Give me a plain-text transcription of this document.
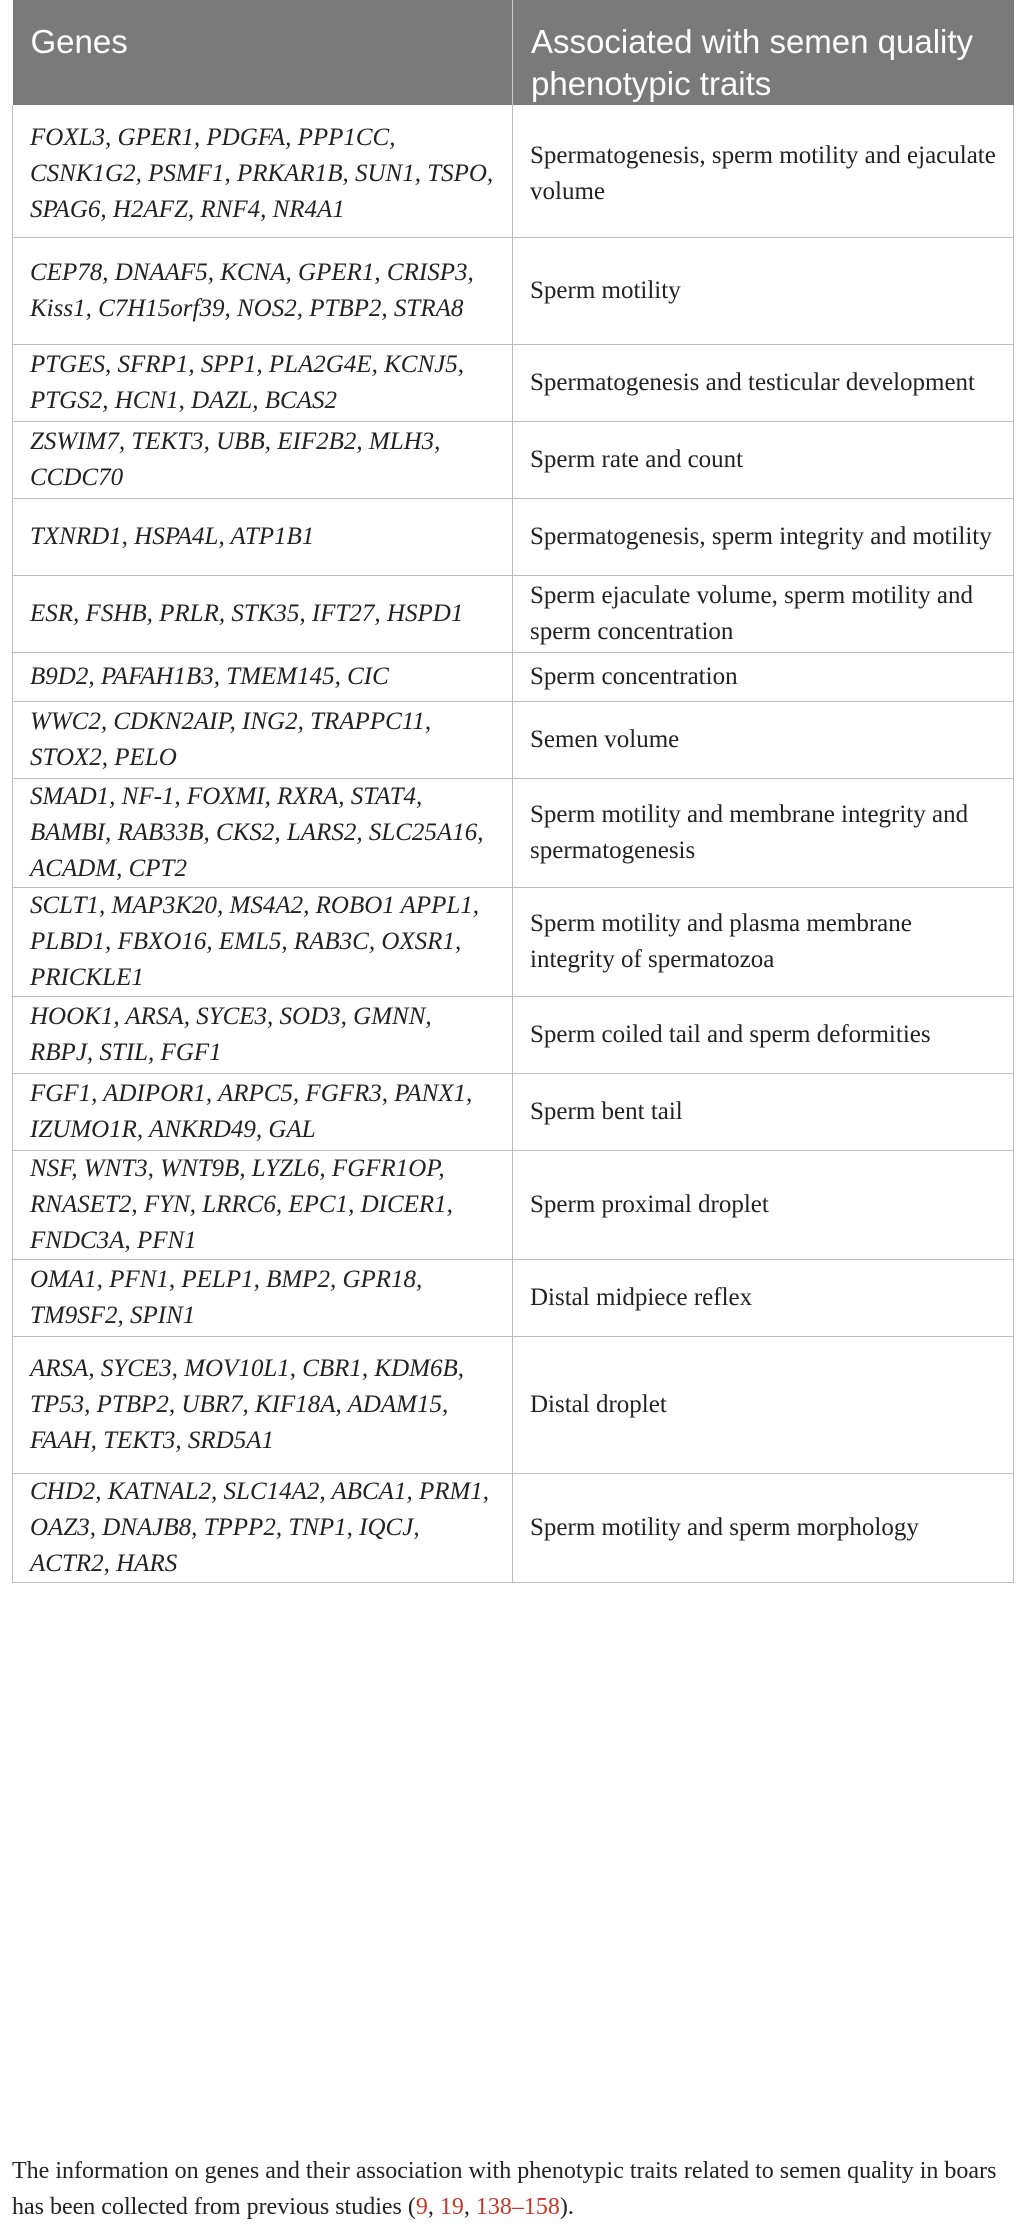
Genes	Associated with semen quality phenotypic traits
FOXL3, GPER1, PDGFA, PPP1CC, CSNK1G2, PSMF1, PRKAR1B, SUN1, TSPO, SPAG6, H2AFZ, RNF4, NR4A1	Spermatogenesis, sperm motility and ejaculate volume
CEP78, DNAAF5, KCNA, GPER1, CRISP3, Kiss1, C7H15orf39, NOS2, PTBP2, STRA8	Sperm motility
PTGES, SFRP1, SPP1, PLA2G4E, KCNJ5, PTGS2, HCN1, DAZL, BCAS2	Spermatogenesis and testicular development
ZSWIM7, TEKT3, UBB, EIF2B2, MLH3, CCDC70	Sperm rate and count
TXNRD1, HSPA4L, ATP1B1	Spermatogenesis, sperm integrity and motility
ESR, FSHB, PRLR, STK35, IFT27, HSPD1	Sperm ejaculate volume, sperm motility and sperm concentration
B9D2, PAFAH1B3, TMEM145, CIC	Sperm concentration
WWC2, CDKN2AIP, ING2, TRAPPC11, STOX2, PELO	Semen volume
SMAD1, NF-1, FOXMI, RXRA, STAT4, BAMBI, RAB33B, CKS2, LARS2, SLC25A16, ACADM, CPT2	Sperm motility and membrane integrity and spermatogenesis
SCLT1, MAP3K20, MS4A2, ROBO1 APPL1, PLBD1, FBXO16, EML5, RAB3C, OXSR1, PRICKLE1	Sperm motility and plasma membrane integrity of spermatozoa
HOOK1, ARSA, SYCE3, SOD3, GMNN, RBPJ, STIL, FGF1	Sperm coiled tail and sperm deformities
FGF1, ADIPOR1, ARPC5, FGFR3, PANX1, IZUMO1R, ANKRD49, GAL	Sperm bent tail
NSF, WNT3, WNT9B, LYZL6, FGFR1OP, RNASET2, FYN, LRRC6, EPC1, DICER1, FNDC3A, PFN1	Sperm proximal droplet
OMA1, PFN1, PELP1, BMP2, GPR18, TM9SF2, SPIN1	Distal midpiece reflex
ARSA, SYCE3, MOV10L1, CBR1, KDM6B, TP53, PTBP2, UBR7, KIF18A, ADAM15, FAAH, TEKT3, SRD5A1	Distal droplet
CHD2, KATNAL2, SLC14A2, ABCA1, PRM1, OAZ3, DNAJB8, TPPP2, TNP1, IQCJ, ACTR2, HARS	Sperm motility and sperm morphology
The information on genes and their association with phenotypic traits related to semen quality in boars has been collected from previous studies (9, 19, 138–158).
